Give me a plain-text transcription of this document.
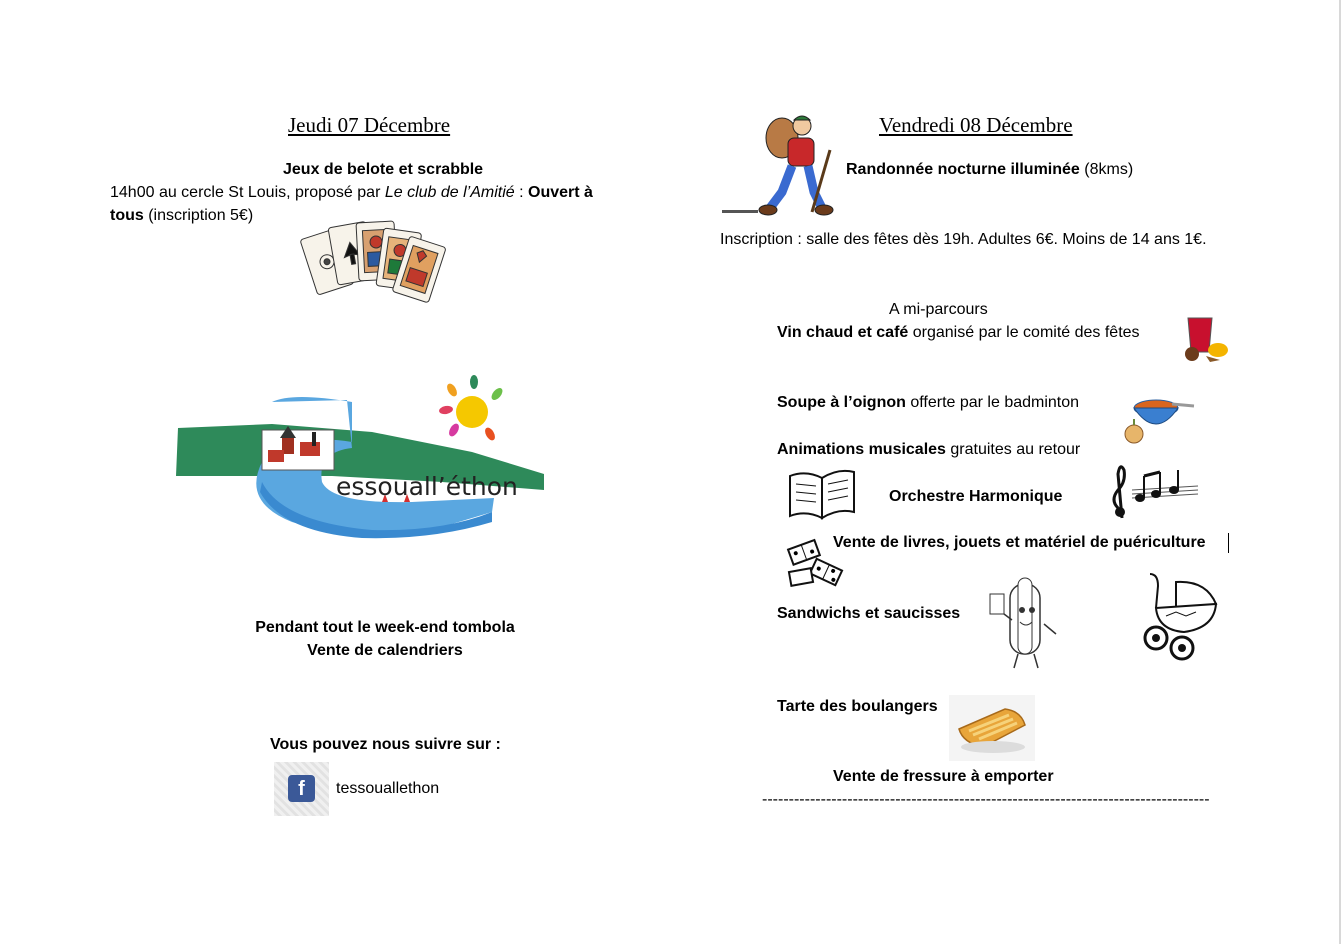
Jeudi 07 Décembre
Jeux de belote et scrabble
14h00 au cercle St Louis, proposé par Le club de l’Amitié : Ouvert à
tous (inscription 5€)
essouall’éthon
Pendant tout le week-end tombola
Vente de calendriers
Vous pouvez nous suivre sur :
f	tessouallethon
Vendredi 08 Décembre
Randonnée nocturne illuminée (8kms)
Inscription : salle des fêtes dès 19h. Adultes 6€. Moins de 14 ans 1€.
A mi-parcours
Vin chaud et café organisé par le comité des fêtes
Soupe à l’oignon offerte par le badminton
Animations musicales gratuites au retour
Orchestre Harmonique
Vente de livres, jouets et matériel de puériculture
Sandwichs et saucisses
Tarte des boulangers
Vente de fressure à emporter
------------------------------------------------------------------------------------
